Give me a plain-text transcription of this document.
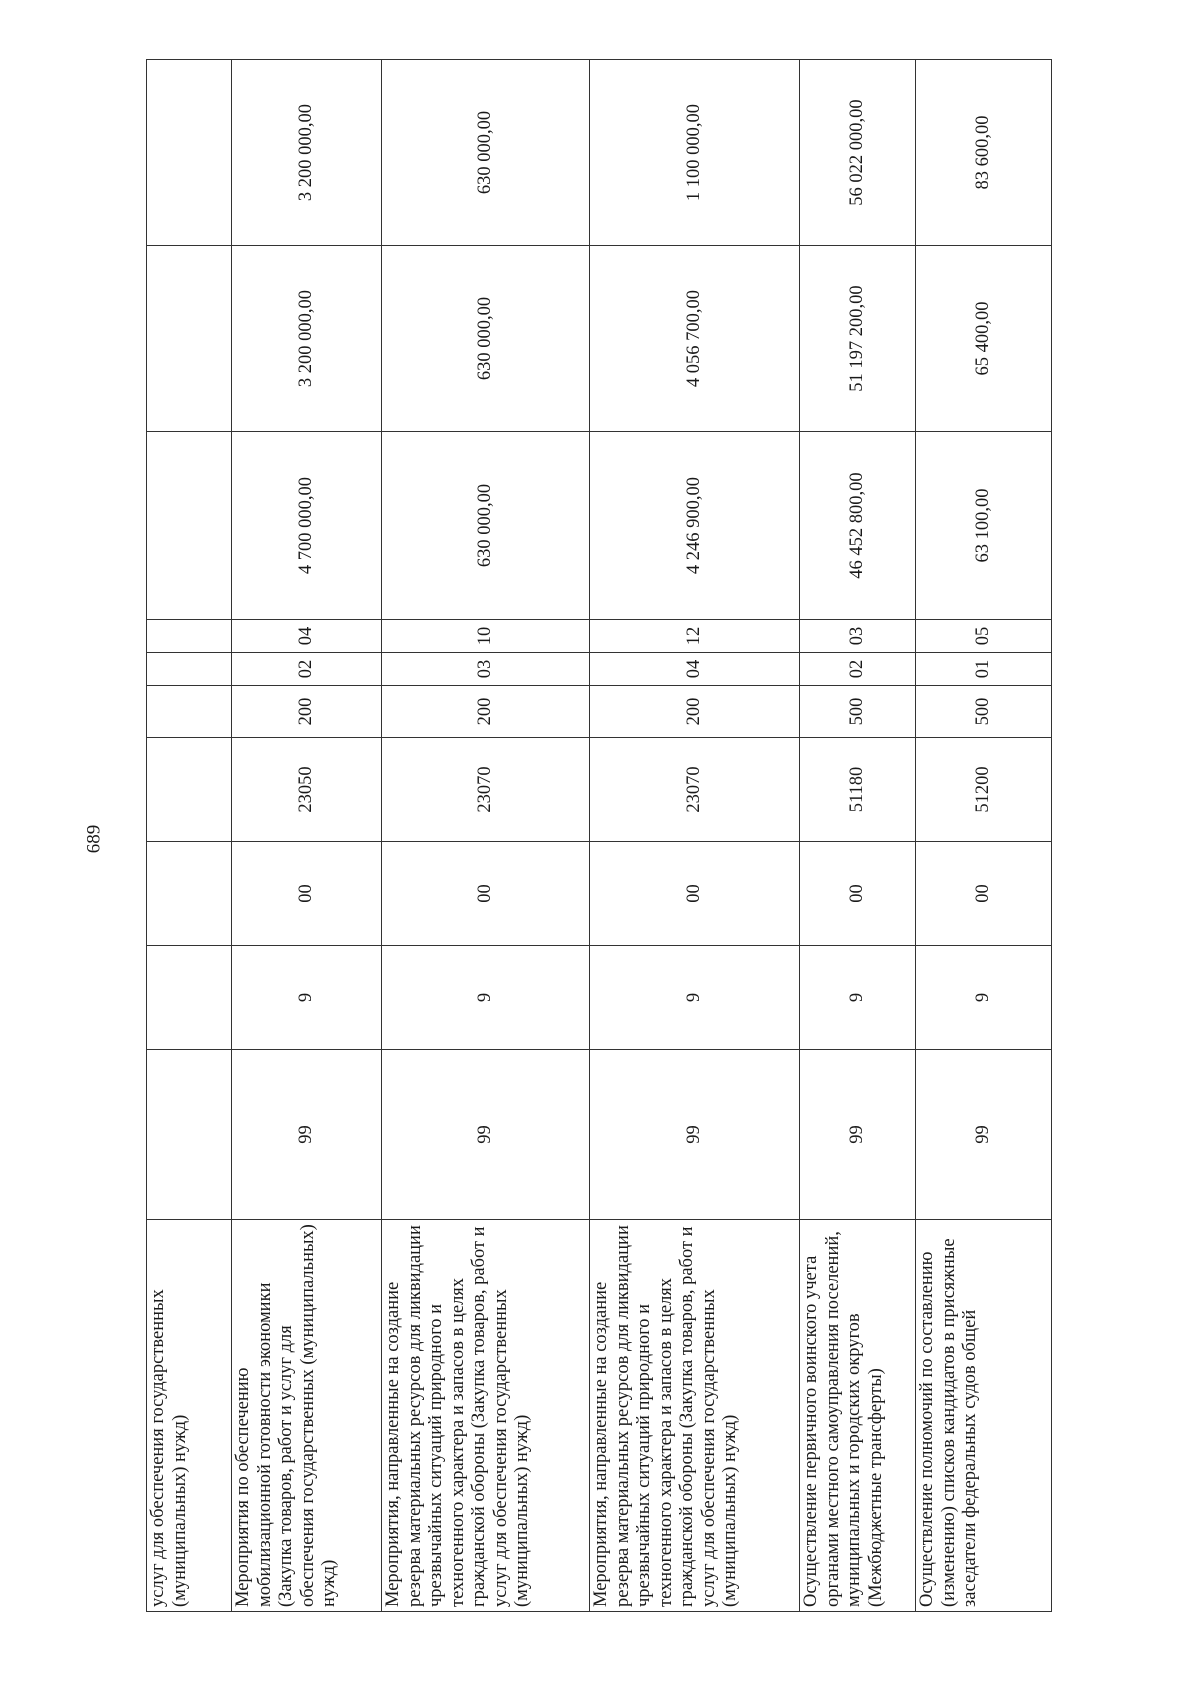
689
услуг для обеспечения государственных (муниципальных) нужд)										
Мероприятия по обеспечению мобилизационной готовности экономики (Закупка товаров, работ и услуг для обеспечения государственных (муниципальных) нужд)	99	9	00	23050	200	02	04	4 700 000,00	3 200 000,00	3 200 000,00
Мероприятия, направленные на создание резерва материальных ресурсов для ликвидации чрезвычайных ситуаций природного и техногенного характера и запасов в целях гражданской обороны (Закупка товаров, работ и услуг для обеспечения государственных (муниципальных) нужд)	99	9	00	23070	200	03	10	630 000,00	630 000,00	630 000,00
Мероприятия, направленные на создание резерва материальных ресурсов для ликвидации чрезвычайных ситуаций природного и техногенного характера и запасов в целях гражданской обороны (Закупка товаров, работ и услуг для обеспечения государственных (муниципальных) нужд)	99	9	00	23070	200	04	12	4 246 900,00	4 056 700,00	1 100 000,00
Осуществление первичного воинского учета органами местного самоуправления поселений, муниципальных и городских округов (Межбюджетные трансферты)	99	9	00	51180	500	02	03	46 452 800,00	51 197 200,00	56 022 000,00
Осуществление полномочий по составлению (изменению) списков кандидатов в присяжные заседатели федеральных судов общей	99	9	00	51200	500	01	05	63 100,00	65 400,00	83 600,00
